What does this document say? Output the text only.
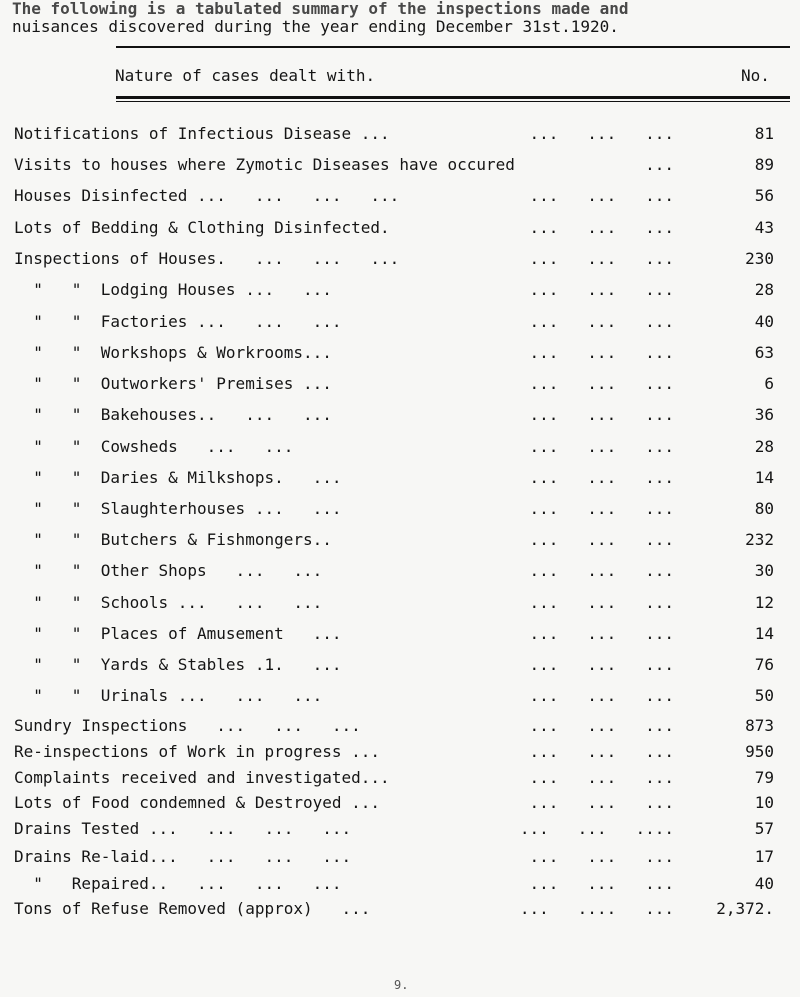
The following is a tabulated summary of the inspections made and
nuisances discovered during the year ending December 31st.1920.
Nature of cases dealt with.	No.
Notifications of Infectious Disease ...	...   ...   ...	81
Visits to houses where Zymotic Diseases have occured	...	89
Houses Disinfected ...   ...   ...   ...	...   ...   ...	56
Lots of Bedding & Clothing Disinfected.	...   ...   ...	43
Inspections of Houses.   ...   ...   ...	...   ...   ...	230
"   "  Lodging Houses ...   ...	...   ...   ...	28
"   "  Factories ...   ...   ...	...   ...   ...	40
"   "  Workshops & Workrooms...	...   ...   ...	63
"   "  Outworkers' Premises ...	...   ...   ...	6
"   "  Bakehouses..   ...   ...	...   ...   ...	36
"   "  Cowsheds   ...   ...	...   ...   ...	28
"   "  Daries & Milkshops.   ...	...   ...   ...	14
"   "  Slaughterhouses ...   ...	...   ...   ...	80
"   "  Butchers & Fishmongers..	...   ...   ...	232
"   "  Other Shops   ...   ...	...   ...   ...	30
"   "  Schools ...   ...   ...	...   ...   ...	12
"   "  Places of Amusement   ...	...   ...   ...	14
"   "  Yards & Stables .1.   ...	...   ...   ...	76
"   "  Urinals ...   ...   ...	...   ...   ...	50
Sundry Inspections   ...   ...   ...	...   ...   ...	873
Re-inspections of Work in progress ...	...   ...   ...	950
Complaints received and investigated...	...   ...   ...	79
Lots of Food condemned & Destroyed ...	...   ...   ...	10
Drains Tested ...   ...   ...   ...	...   ...   ....	57
Drains Re-laid...   ...   ...   ...	...   ...   ...	17
"   Repaired..   ...   ...   ...	...   ...   ...	40
Tons of Refuse Removed (approx)   ...	...   ....   ...	2,372.
9.
